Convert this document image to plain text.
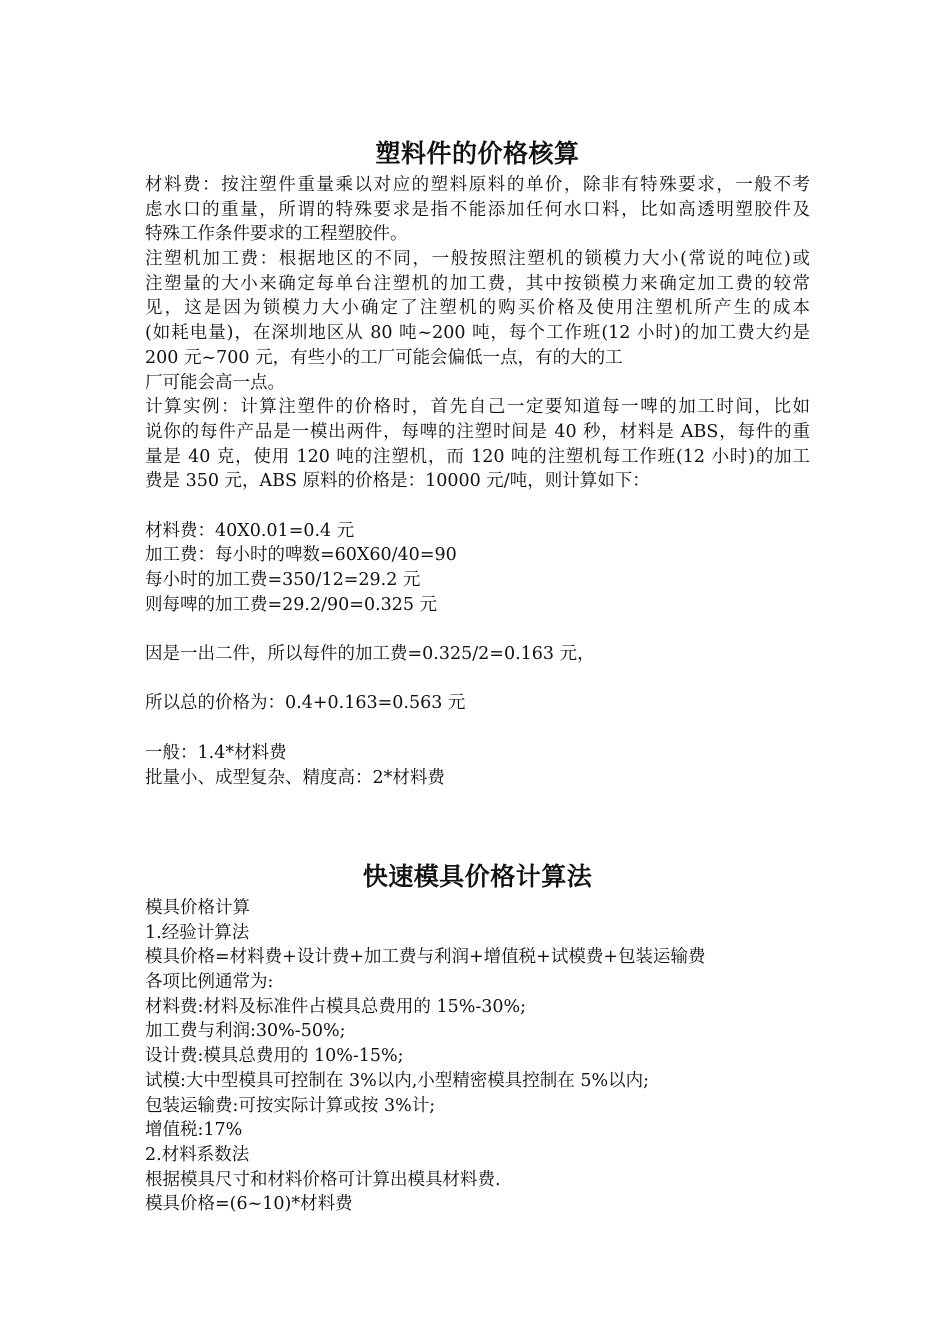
塑料件的价格核算
材料费：按注塑件重量乘以对应的塑料原料的单价，除非有特殊要求，一般不考
虑水口的重量，所谓的特殊要求是指不能添加任何水口料，比如高透明塑胶件及
特殊工作条件要求的工程塑胶件。
注塑机加工费：根据地区的不同，一般按照注塑机的锁模力大小(常说的吨位)或
注塑量的大小来确定每单台注塑机的加工费，其中按锁模力来确定加工费的较常
见，这是因为锁模力大小确定了注塑机的购买价格及使用注塑机所产生的成本
(如耗电量)，在深圳地区从 80 吨~200 吨，每个工作班(12 小时)的加工费大约是
200 元~700 元，有些小的工厂可能会偏低一点，有的大的工
厂可能会高一点。
计算实例：计算注塑件的价格时，首先自己一定要知道每一啤的加工时间，比如
说你的每件产品是一模出两件，每啤的注塑时间是 40 秒，材料是 ABS，每件的重
量是 40 克，使用 120 吨的注塑机，而 120 吨的注塑机每工作班(12 小时)的加工
费是 350 元，ABS 原料的价格是：10000 元/吨，则计算如下：
材料费：40X0.01=0.4 元
加工费：每小时的啤数=60X60/40=90
每小时的加工费=350/12=29.2 元
则每啤的加工费=29.2/90=0.325 元
因是一出二件，所以每件的加工费=0.325/2=0.163 元，
所以总的价格为：0.4+0.163=0.563 元
一般：1.4*材料费
批量小、成型复杂、精度高：2*材料费
快速模具价格计算法
模具价格计算
1.经验计算法
模具价格=材料费+设计费+加工费与利润+增值税+试模费+包装运输费
各项比例通常为:
材料费:材料及标准件占模具总费用的 15%-30%;
加工费与利润:30%-50%;
设计费:模具总费用的 10%-15%;
试模:大中型模具可控制在 3%以内,小型精密模具控制在 5%以内;
包装运输费:可按实际计算或按 3%计;
增值税:17%
2.材料系数法
根据模具尺寸和材料价格可计算出模具材料费.
模具价格=(6~10)*材料费
